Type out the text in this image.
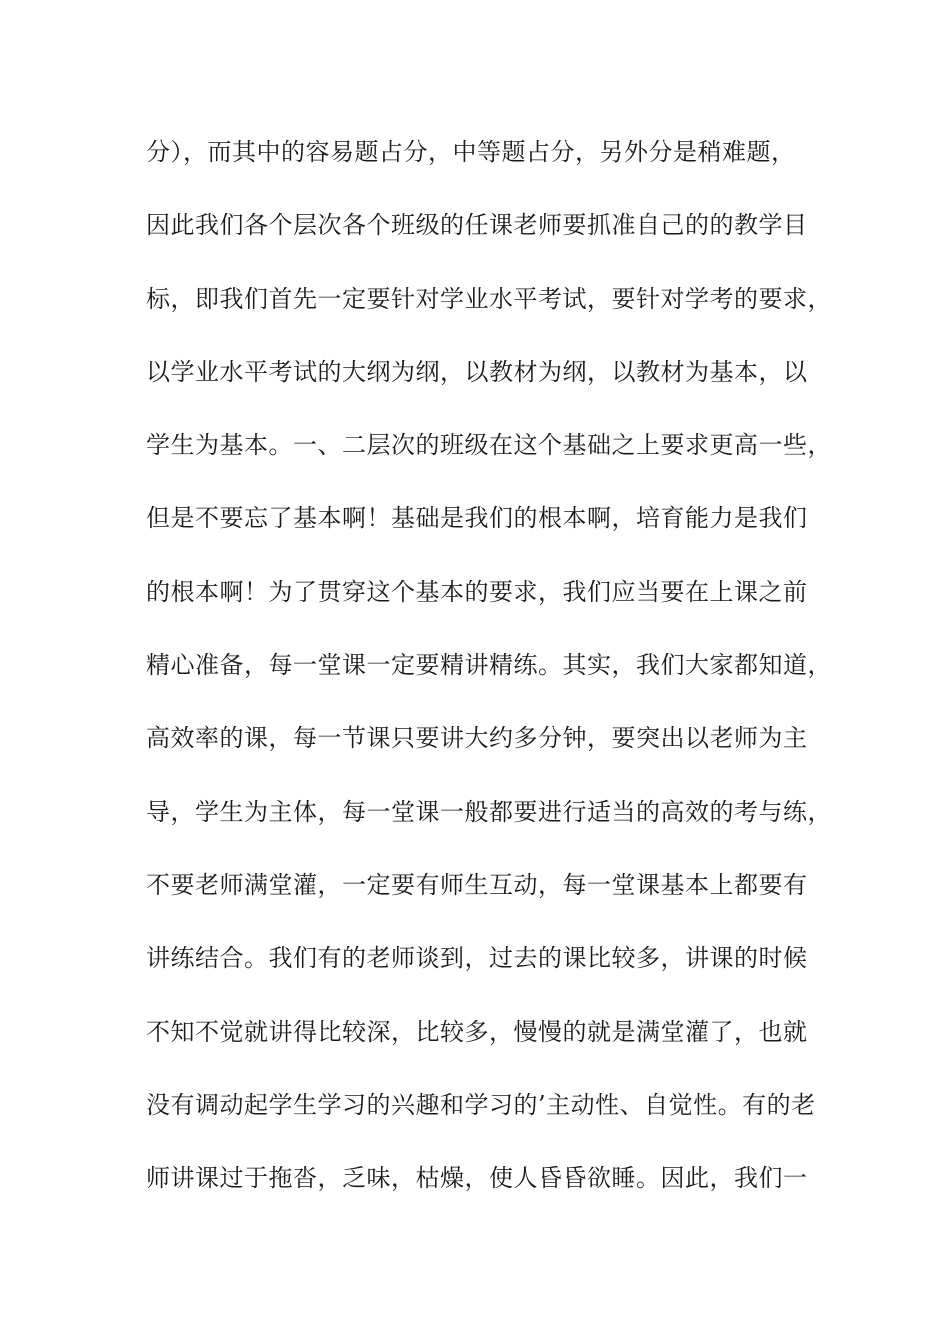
分），而其中的容易题占分，中等题占分，另外分是稍难题，
因此我们各个层次各个班级的任课老师要抓准自己的的教学目
标，即我们首先一定要针对学业水平考试，要针对学考的要求，
以学业水平考试的大纲为纲，以教材为纲，以教材为基本，以
学生为基本。一、二层次的班级在这个基础之上要求更高一些，
但是不要忘了基本啊！基础是我们的根本啊，培育能力是我们
的根本啊！为了贯穿这个基本的要求，我们应当要在上课之前
精心准备，每一堂课一定要精讲精练。其实，我们大家都知道，
高效率的课，每一节课只要讲大约多分钟，要突出以老师为主
导，学生为主体，每一堂课一般都要进行适当的高效的考与练，
不要老师满堂灌，一定要有师生互动，每一堂课基本上都要有
讲练结合。我们有的老师谈到，过去的课比较多，讲课的时候
不知不觉就讲得比较深，比较多，慢慢的就是满堂灌了，也就
没有调动起学生学习的兴趣和学习的’主动性、自觉性。有的老
师讲课过于拖沓，乏味，枯燥，使人昏昏欲睡。因此，我们一
